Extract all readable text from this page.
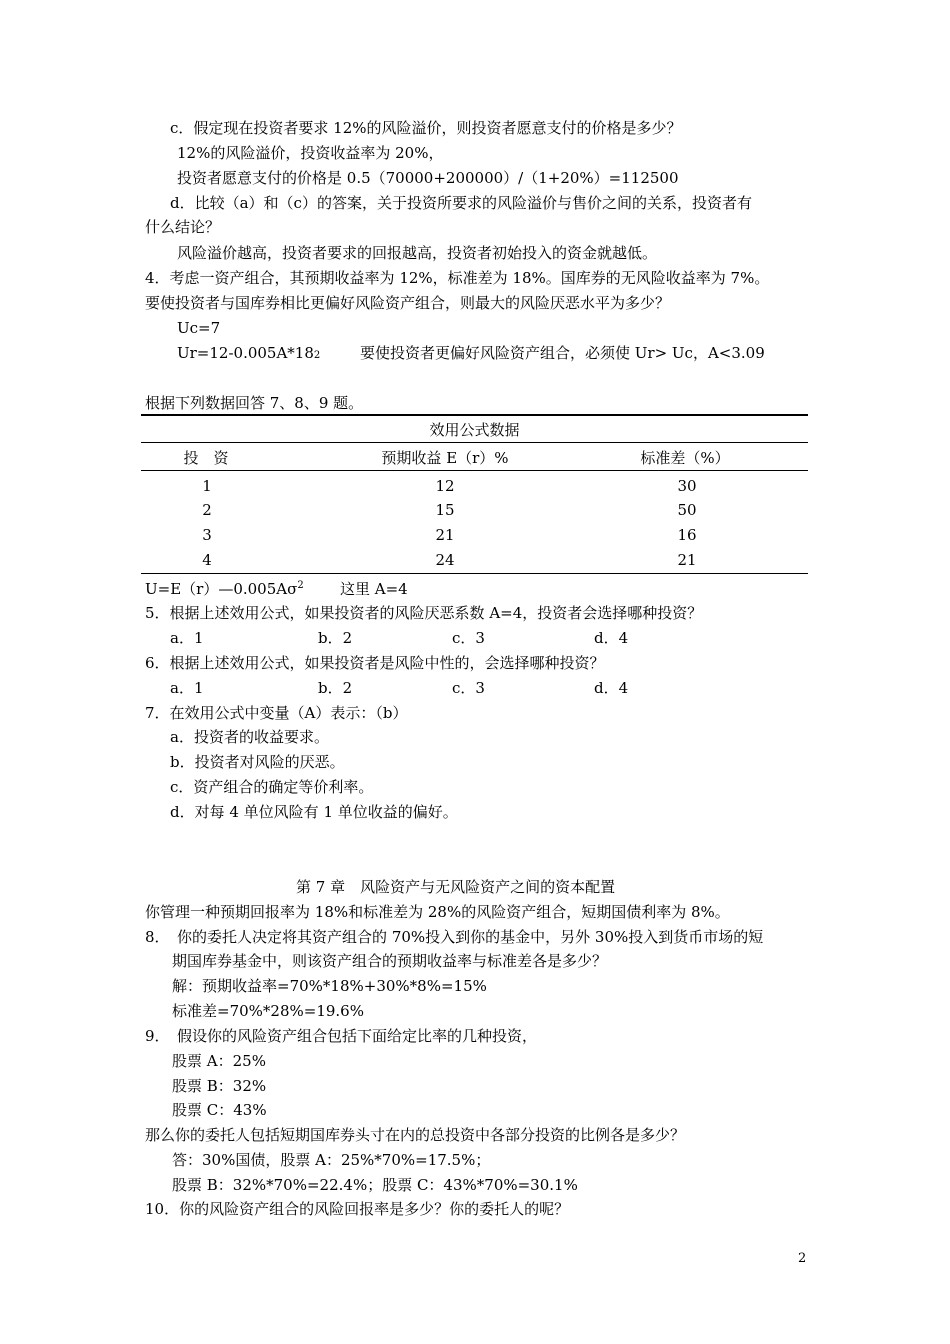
c．假定现在投资者要求 12%的风险溢价，则投资者愿意支付的价格是多少？
12%的风险溢价，投资收益率为 20%，
投资者愿意支付的价格是 0.5（70000+200000）/（1+20%）=112500
d．比较（a）和（c）的答案，关于投资所要求的风险溢价与售价之间的关系，投资者有
什么结论？
风险溢价越高，投资者要求的回报越高，投资者初始投入的资金就越低。
4．考虑一资产组合，其预期收益率为 12%，标准差为 18%。国库券的无风险收益率为 7%。
要使投资者与国库券相比更偏好风险资产组合，则最大的风险厌恶水平为多少？
Uc=7
Ur=12-0.005A*182	要使投资者更偏好风险资产组合，必须使 Ur> Uc，A<3.09
根据下列数据回答 7、8、9 题。
效用公式数据
投　资	预期收益 E（r）%	标准差（%）
1	12	30
2	15	50
3	21	16
4	24	21
$U=E(r)—0.005A\sigma^2$ 这里 A=4
5．根据上述效用公式，如果投资者的风险厌恶系数 A=4，投资者会选择哪种投资？
a．1	b．2	c．3	d．4
6．根据上述效用公式，如果投资者是风险中性的，会选择哪种投资？
a．1	b．2	c．3	d．4
7．在效用公式中变量（A）表示：（b）
a．投资者的收益要求。
b．投资者对风险的厌恶。
c．资产组合的确定等价利率。
d．对每 4 单位风险有 1 单位收益的偏好。
第 7 章　风险资产与无风险资产之间的资本配置
你管理一种预期回报率为 18%和标准差为 28%的风险资产组合，短期国债利率为 8%。
8．　你的委托人决定将其资产组合的 70%投入到你的基金中，另外 30%投入到货币市场的短
期国库券基金中，则该资产组合的预期收益率与标准差各是多少？
解：预期收益率=70%*18%+30%*8%=15%
标准差=70%*28%=19.6%
9．　假设你的风险资产组合包括下面给定比率的几种投资，
股票 A：25%
股票 B：32%
股票 C：43%
那么你的委托人包括短期国库券头寸在内的总投资中各部分投资的比例各是多少？
答：30%国债，股票 A：25%*70%=17.5%；
股票 B：32%*70%=22.4%；股票 C：43%*70%=30.1%
10．你的风险资产组合的风险回报率是多少？你的委托人的呢？
2
